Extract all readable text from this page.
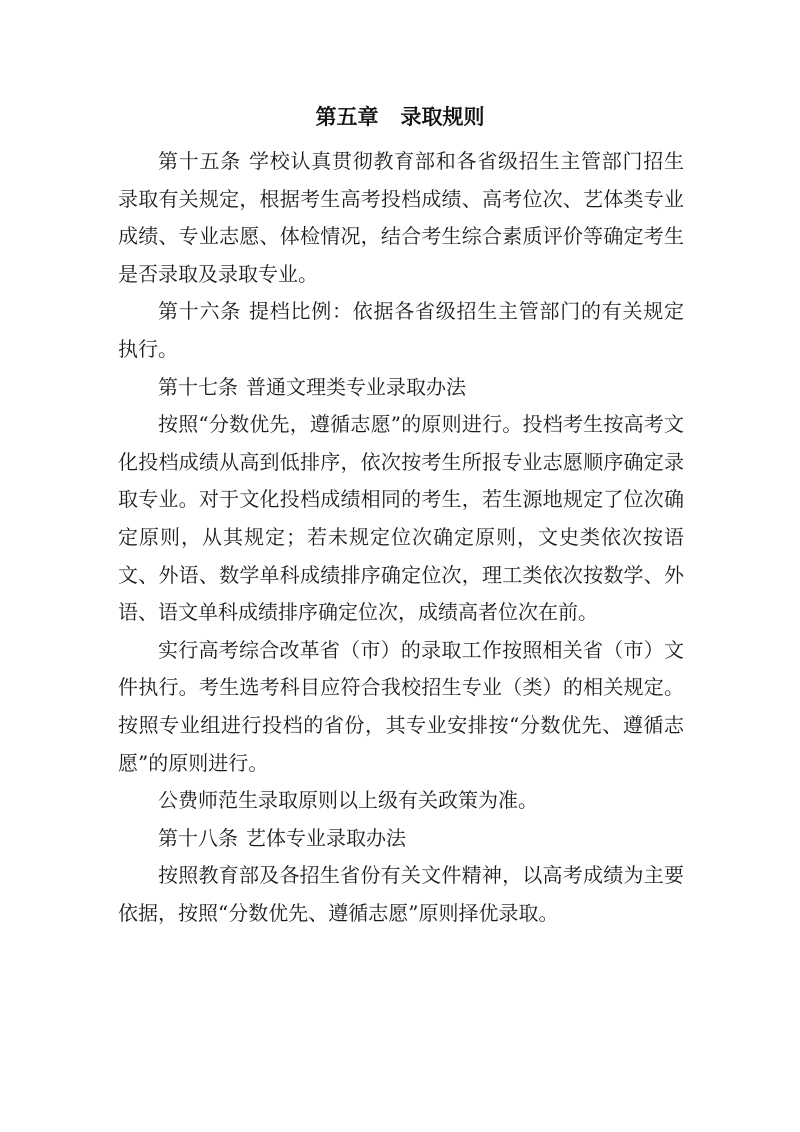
第五章 录取规则

第十五条 学校认真贯彻教育部和各省级招生主管部门招生录取有关规定，根据考生高考投档成绩、高考位次、艺体类专业成绩、专业志愿、体检情况，结合考生综合素质评价等确定考生是否录取及录取专业。

第十六条 提档比例：依据各省级招生主管部门的有关规定执行。

第十七条 普通文理类专业录取办法

按照“分数优先，遵循志愿”的原则进行。投档考生按高考文化投档成绩从高到低排序，依次按考生所报专业志愿顺序确定录取专业。对于文化投档成绩相同的考生，若生源地规定了位次确定原则，从其规定；若未规定位次确定原则，文史类依次按语文、外语、数学单科成绩排序确定位次，理工类依次按数学、外语、语文单科成绩排序确定位次，成绩高者位次在前。

实行高考综合改革省（市）的录取工作按照相关省（市）文件执行。考生选考科目应符合我校招生专业（类）的相关规定。按照专业组进行投档的省份，其专业安排按“分数优先、遵循志愿”的原则进行。

公费师范生录取原则以上级有关政策为准。

第十八条 艺体专业录取办法

按照教育部及各招生省份有关文件精神，以高考成绩为主要依据，按照“分数优先、遵循志愿”原则择优录取。
